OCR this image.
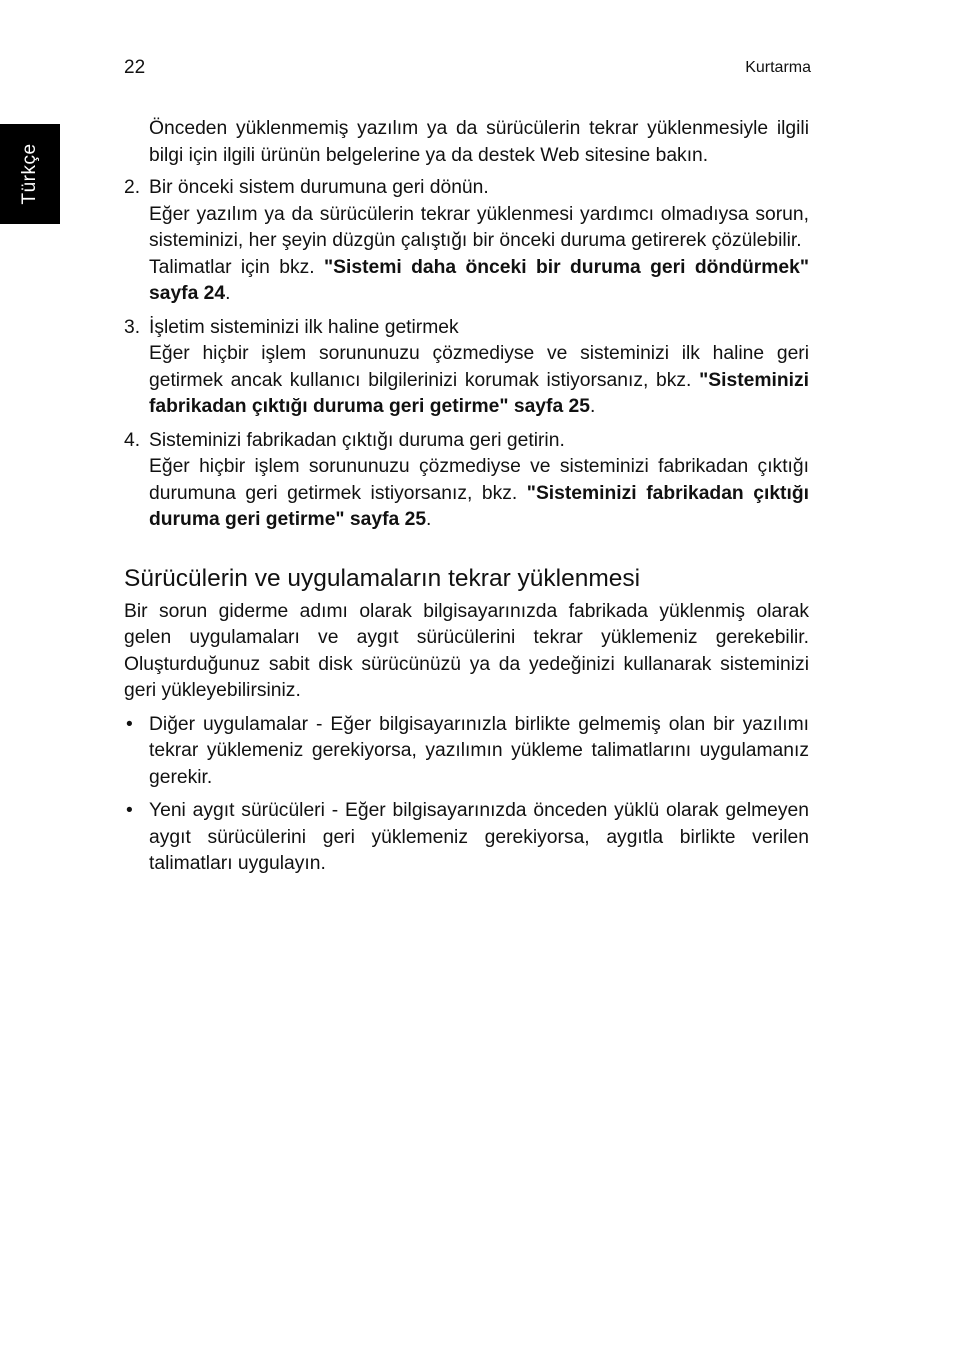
22	Kurtarma
Türkçe

Önceden yüklenmemiş yazılım ya da sürücülerin tekrar yüklenmesiyle ilgili bilgi için ilgili ürünün belgelerine ya da destek Web sitesine bakın.

2. Bir önceki sistem durumuna geri dönün.

Eğer yazılım ya da sürücülerin tekrar yüklenmesi yardımcı olmadıysa sorun, sisteminizi, her şeyin düzgün çalıştığı bir önceki duruma getirerek çözülebilir.

Talimatlar için bkz. "Sistemi daha önceki bir duruma geri döndürmek" sayfa 24.

3. İşletim sisteminizi ilk haline getirmek

Eğer hiçbir işlem sorununuzu çözmediyse ve sisteminizi ilk haline geri getirmek ancak kullanıcı bilgilerinizi korumak istiyorsanız, bkz. "Sisteminizi fabrikadan çıktığı duruma geri getirme" sayfa 25.

4. Sisteminizi fabrikadan çıktığı duruma geri getirin.

Eğer hiçbir işlem sorununuzu çözmediyse ve sisteminizi fabrikadan çıktığı durumuna geri getirmek istiyorsanız, bkz. "Sisteminizi fabrikadan çıktığı duruma geri getirme" sayfa 25.

Sürücülerin ve uygulamaların tekrar yüklenmesi

Bir sorun giderme adımı olarak bilgisayarınızda fabrikada yüklenmiş olarak gelen uygulamaları ve aygıt sürücülerini tekrar yüklemeniz gerekebilir. Oluşturduğunuz sabit disk sürücünüzü ya da yedeğinizi kullanarak sisteminizi geri yükleyebilirsiniz.

• Diğer uygulamalar - Eğer bilgisayarınızla birlikte gelmemiş olan bir yazılımı tekrar yüklemeniz gerekiyorsa, yazılımın yükleme talimatlarını uygulamanız gerekir.

• Yeni aygıt sürücüleri - Eğer bilgisayarınızda önceden yüklü olarak gelmeyen aygıt sürücülerini geri yüklemeniz gerekiyorsa, aygıtla birlikte verilen talimatları uygulayın.
